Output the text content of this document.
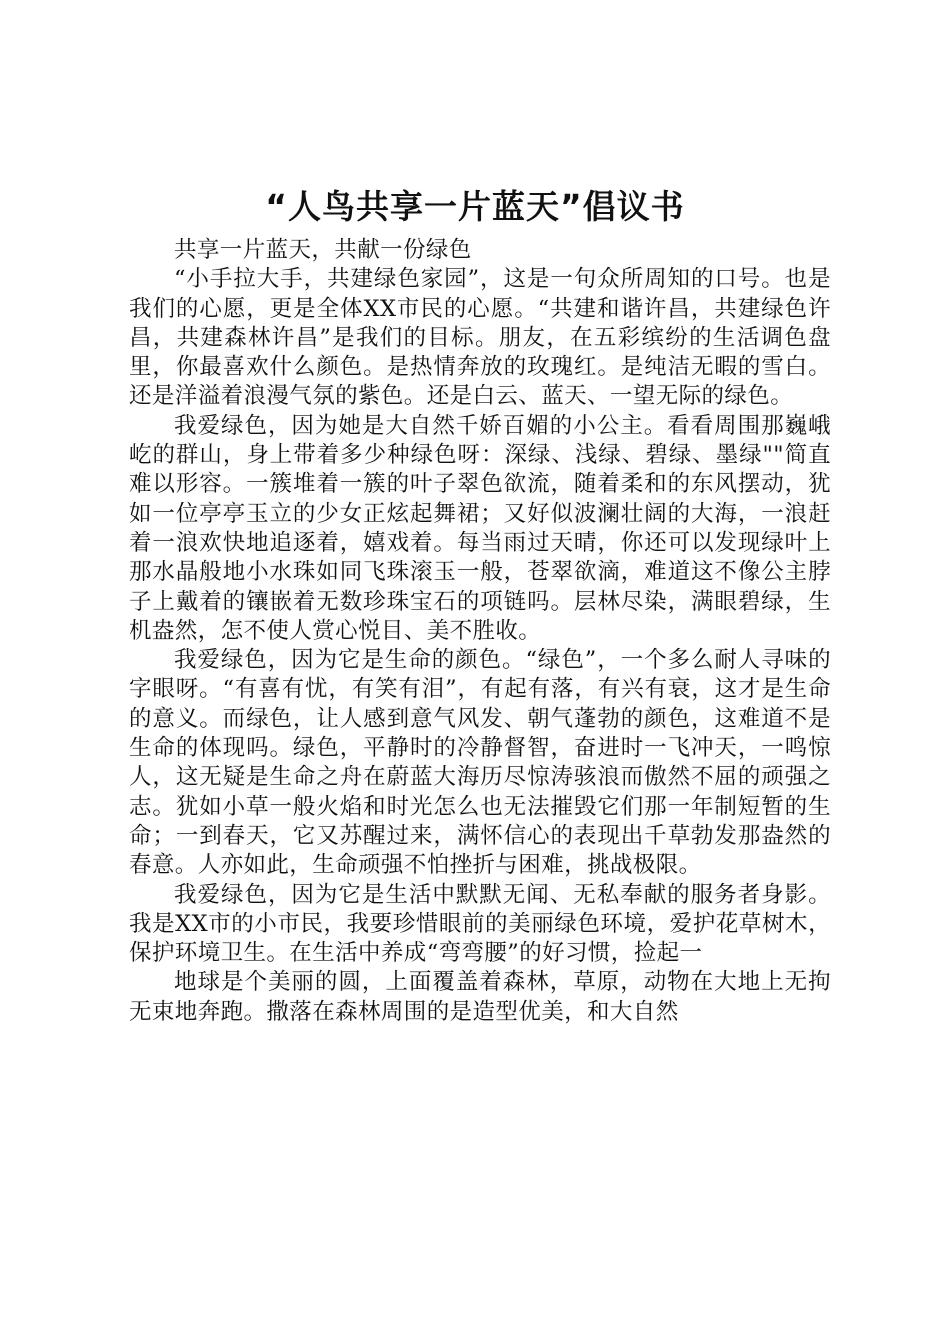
“人鸟共享一片蓝天”倡议书

共享一片蓝天，共献一份绿色

“小手拉大手，共建绿色家园”，这是一句众所周知的口号。也是我们的心愿，更是全体XX市民的心愿。“共建和谐许昌，共建绿色许昌，共建森林许昌”是我们的目标。朋友，在五彩缤纷的生活调色盘里，你最喜欢什么颜色。是热情奔放的玫瑰红。是纯洁无暇的雪白。还是洋溢着浪漫气氛的紫色。还是白云、蓝天、一望无际的绿色。

我爱绿色，因为她是大自然千娇百媚的小公主。看看周围那巍峨屹的群山，身上带着多少种绿色呀：深绿、浅绿、碧绿、墨绿""简直难以形容。一簇堆着一簇的叶子翠色欲流，随着柔和的东风摆动，犹如一位亭亭玉立的少女正炫起舞裙；又好似波澜壮阔的大海，一浪赶着一浪欢快地追逐着，嬉戏着。每当雨过天晴，你还可以发现绿叶上那水晶般地小水珠如同飞珠滚玉一般，苍翠欲滴，难道这不像公主脖子上戴着的镶嵌着无数珍珠宝石的项链吗。层林尽染，满眼碧绿，生机盎然，怎不使人赏心悦目、美不胜收。

我爱绿色，因为它是生命的颜色。“绿色”，一个多么耐人寻味的字眼呀。“有喜有忧，有笑有泪”，有起有落，有兴有衰，这才是生命的意义。而绿色，让人感到意气风发、朝气蓬勃的颜色，这难道不是生命的体现吗。绿色，平静时的冷静督智，奋进时一飞冲天，一鸣惊人，这无疑是生命之舟在蔚蓝大海历尽惊涛骇浪而傲然不屈的顽强之志。犹如小草一般火焰和时光怎么也无法摧毁它们那一年制短暂的生命；一到春天，它又苏醒过来，满怀信心的表现出千草勃发那盎然的春意。人亦如此，生命顽强不怕挫折与困难，挑战极限。

我爱绿色，因为它是生活中默默无闻、无私奉献的服务者身影。我是XX市的小市民，我要珍惜眼前的美丽绿色环境，爱护花草树木，保护环境卫生。在生活中养成“弯弯腰”的好习惯，捡起一

地球是个美丽的圆，上面覆盖着森林，草原，动物在大地上无拘无束地奔跑。撒落在森林周围的是造型优美，和大自然
